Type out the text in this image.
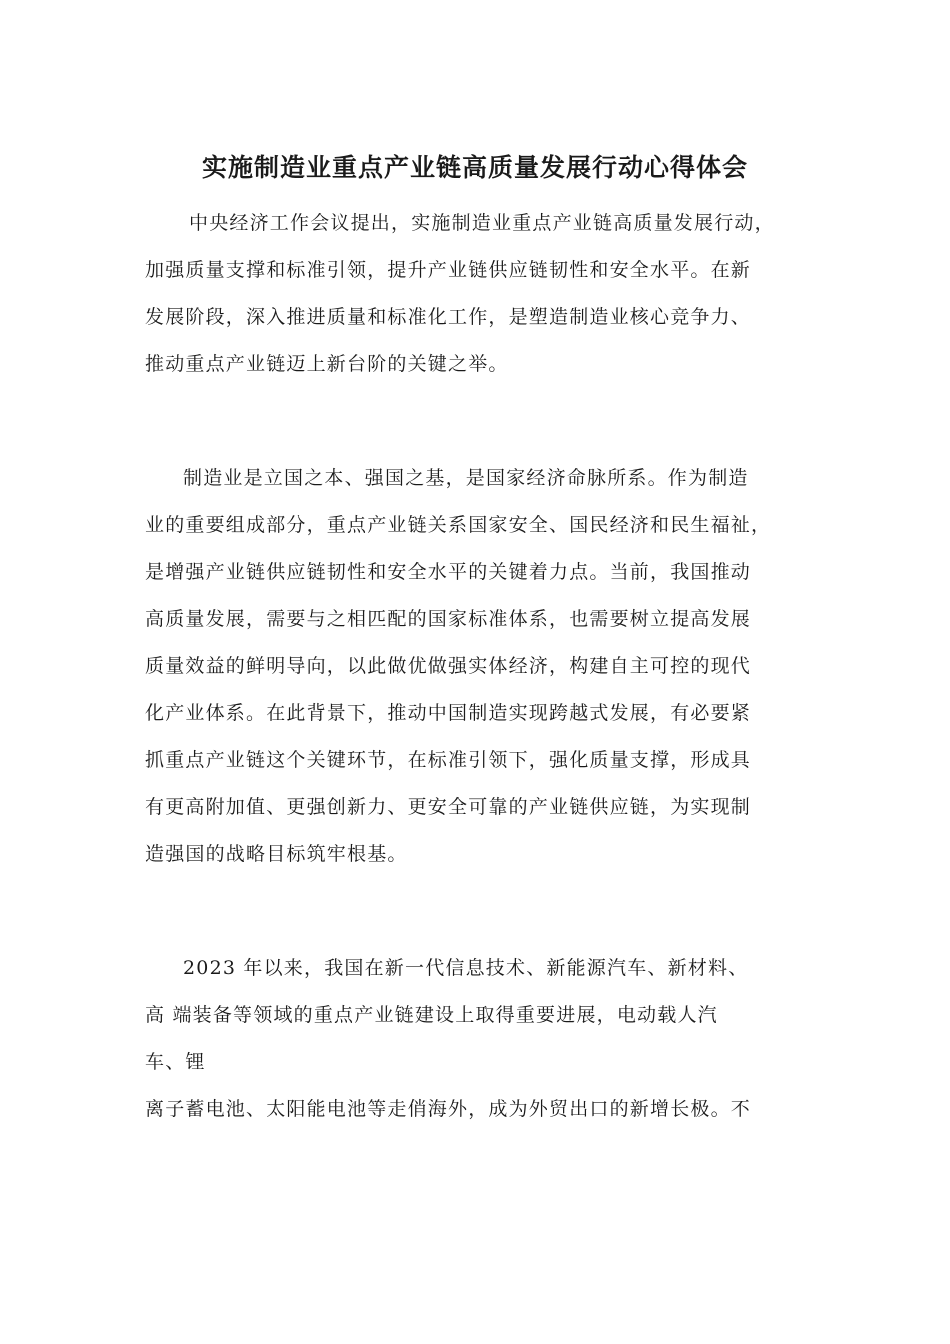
实施制造业重点产业链高质量发展行动心得体会
中央经济工作会议提出，实施制造业重点产业链高质量发展行动，
加强质量支撑和标准引领，提升产业链供应链韧性和安全水平。在新
发展阶段，深入推进质量和标准化工作，是塑造制造业核心竞争力、
推动重点产业链迈上新台阶的关键之举。
制造业是立国之本、强国之基，是国家经济命脉所系。作为制造
业的重要组成部分，重点产业链关系国家安全、国民经济和民生福祉，
是增强产业链供应链韧性和安全水平的关键着力点。当前，我国推动
高质量发展，需要与之相匹配的国家标准体系，也需要树立提高发展
质量效益的鲜明导向，以此做优做强实体经济，构建自主可控的现代
化产业体系。在此背景下，推动中国制造实现跨越式发展，有必要紧
抓重点产业链这个关键环节，在标准引领下，强化质量支撑，形成具
有更高附加值、更强创新力、更安全可靠的产业链供应链，为实现制
造强国的战略目标筑牢根基。
2023 年以来，我国在新一代信息技术、新能源汽车、新材料、
高 端装备等领域的重点产业链建设上取得重要进展，电动载人汽
车、锂
离子蓄电池、太阳能电池等走俏海外，成为外贸出口的新增长极。不
